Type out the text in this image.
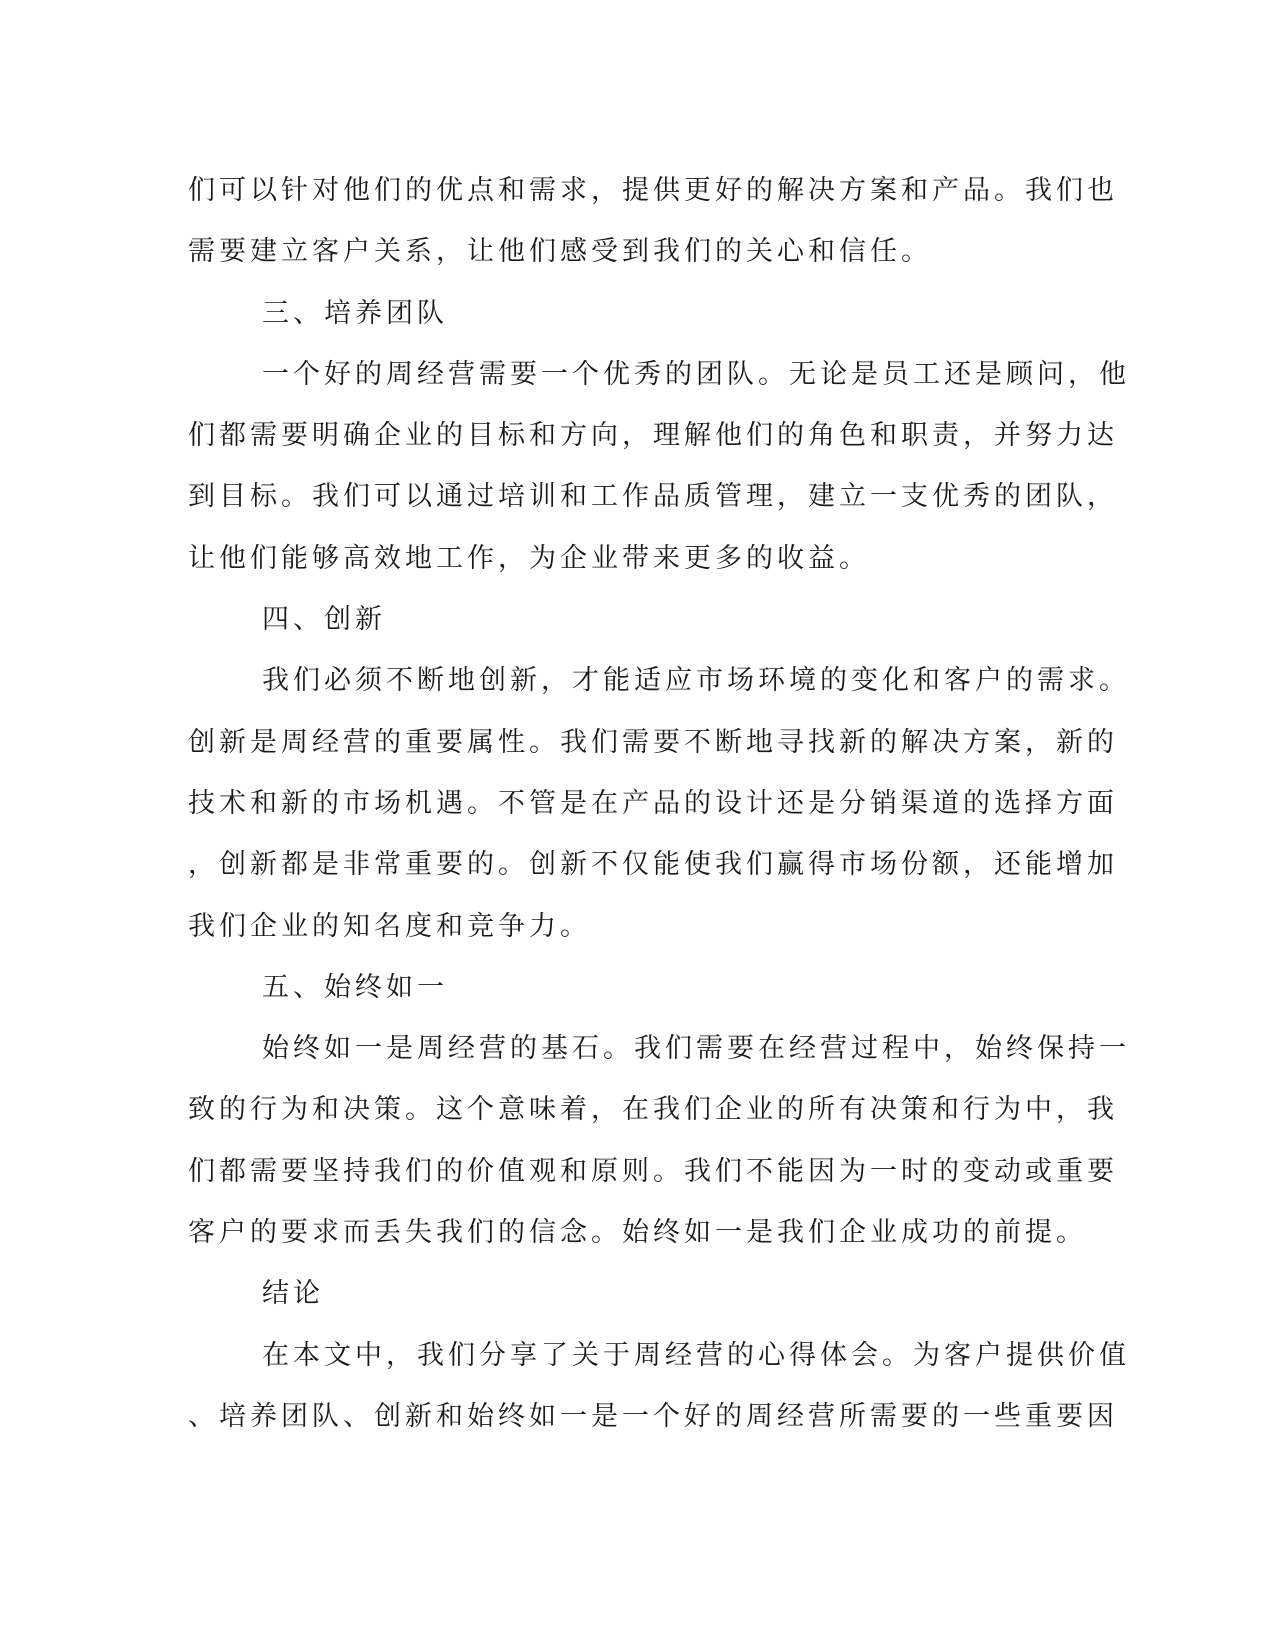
们可以针对他们的优点和需求，提供更好的解决方案和产品。我们也
需要建立客户关系，让他们感受到我们的关心和信任。
三、培养团队
一个好的周经营需要一个优秀的团队。无论是员工还是顾问，他
们都需要明确企业的目标和方向，理解他们的角色和职责，并努力达
到目标。我们可以通过培训和工作品质管理，建立一支优秀的团队，
让他们能够高效地工作，为企业带来更多的收益。
四、创新
我们必须不断地创新，才能适应市场环境的变化和客户的需求。
创新是周经营的重要属性。我们需要不断地寻找新的解决方案，新的
技术和新的市场机遇。不管是在产品的设计还是分销渠道的选择方面
，创新都是非常重要的。创新不仅能使我们赢得市场份额，还能增加
我们企业的知名度和竞争力。
五、始终如一
始终如一是周经营的基石。我们需要在经营过程中，始终保持一
致的行为和决策。这个意味着，在我们企业的所有决策和行为中，我
们都需要坚持我们的价值观和原则。我们不能因为一时的变动或重要
客户的要求而丢失我们的信念。始终如一是我们企业成功的前提。
结论
在本文中，我们分享了关于周经营的心得体会。为客户提供价值
、培养团队、创新和始终如一是一个好的周经营所需要的一些重要因
